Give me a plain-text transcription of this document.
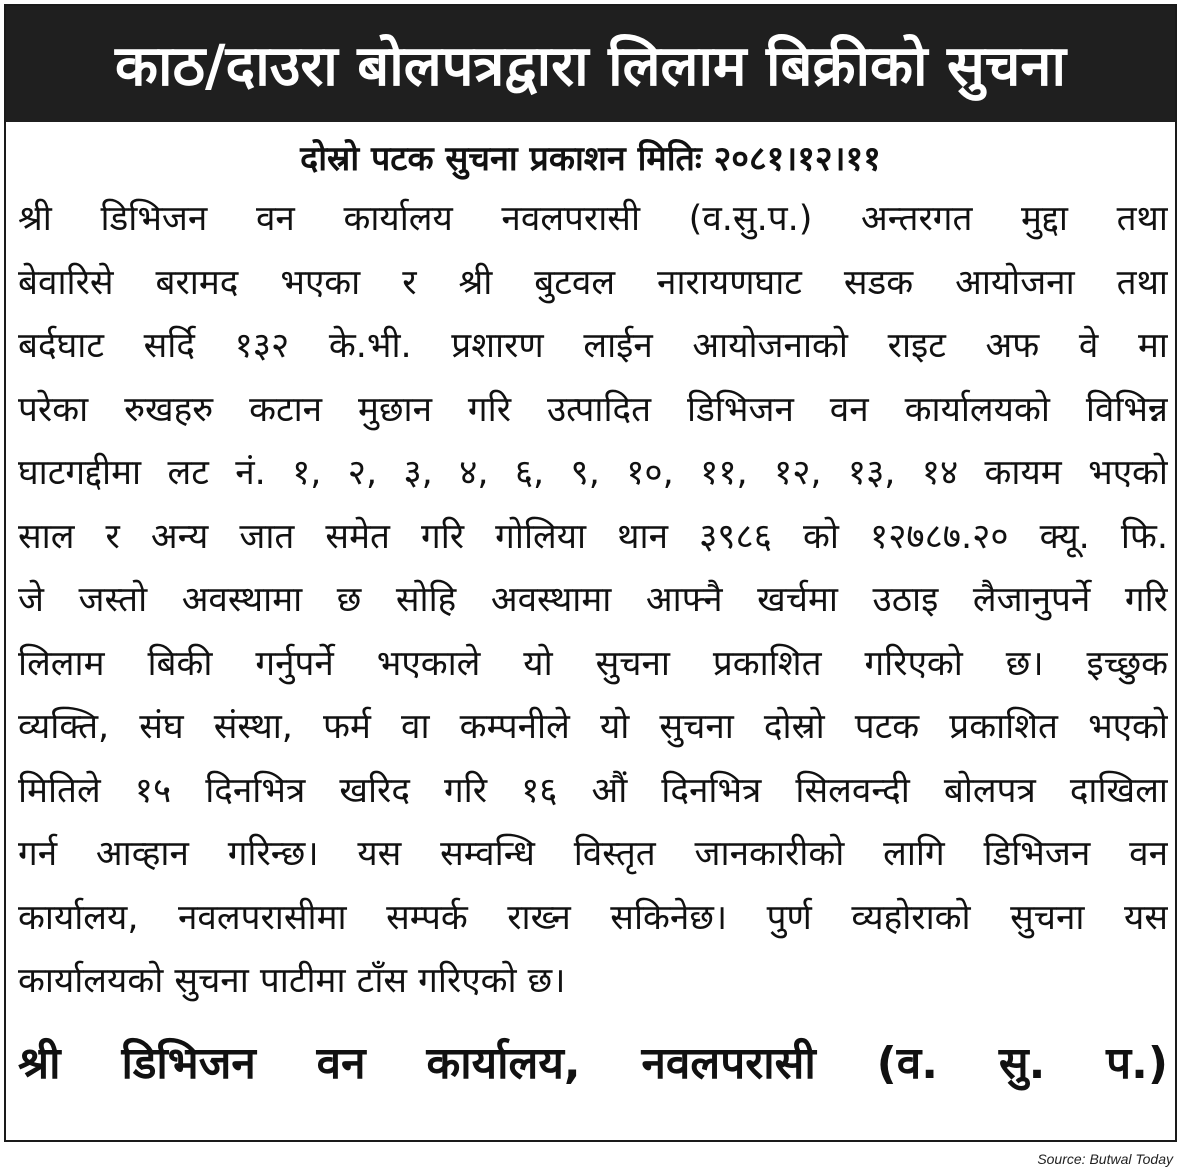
काठ/दाउरा बोलपत्रद्वारा लिलाम बिक्रीको सुचना
दोस्रो पटक सुचना प्रकाशन मितिः २०८१।१२।११
श्री डिभिजन वन कार्यालय नवलपरासी (व.सु.प.) अन्तरगत मुद्दा तथा
बेवारिसे बरामद भएका र श्री बुटवल नारायणघाट सडक आयोजना तथा
बर्दघाट सर्दि १३२ के.भी. प्रशारण लाईन आयोजनाको राइट अफ वे मा
परेका रुखहरु कटान मुछान गरि उत्पादित डिभिजन वन कार्यालयको विभिन्न
घाटगद्दीमा लट नं. १, २, ३, ४, ६, ९, १०, ११, १२, १३, १४ कायम भएको
साल र अन्य जात समेत गरि गोलिया थान ३९८६ को १२७८७.२० क्यू. फि.
जे जस्तो अवस्थामा छ सोहि अवस्थामा आफ्नै खर्चमा उठाइ लैजानुपर्ने गरि
लिलाम बिकी गर्नुपर्ने भएकाले यो सुचना प्रकाशित गरिएको छ। इच्छुक
व्यक्ति, संघ संस्था, फर्म वा कम्पनीले यो सुचना दोस्रो पटक प्रकाशित भएको
मितिले १५ दिनभित्र खरिद गरि १६ औं दिनभित्र सिलवन्दी बोलपत्र दाखिला
गर्न आव्हान गरिन्छ। यस सम्वन्धि विस्तृत जानकारीको लागि डिभिजन वन
कार्यालय, नवलपरासीमा सम्पर्क राख्न सकिनेछ। पुर्ण व्यहोराको सुचना यस
कार्यालयको सुचना पाटीमा टाँस गरिएको छ।
श्री डिभिजन वन कार्यालय, नवलपरासी (व. सु. प.)
Source: Butwal Today
